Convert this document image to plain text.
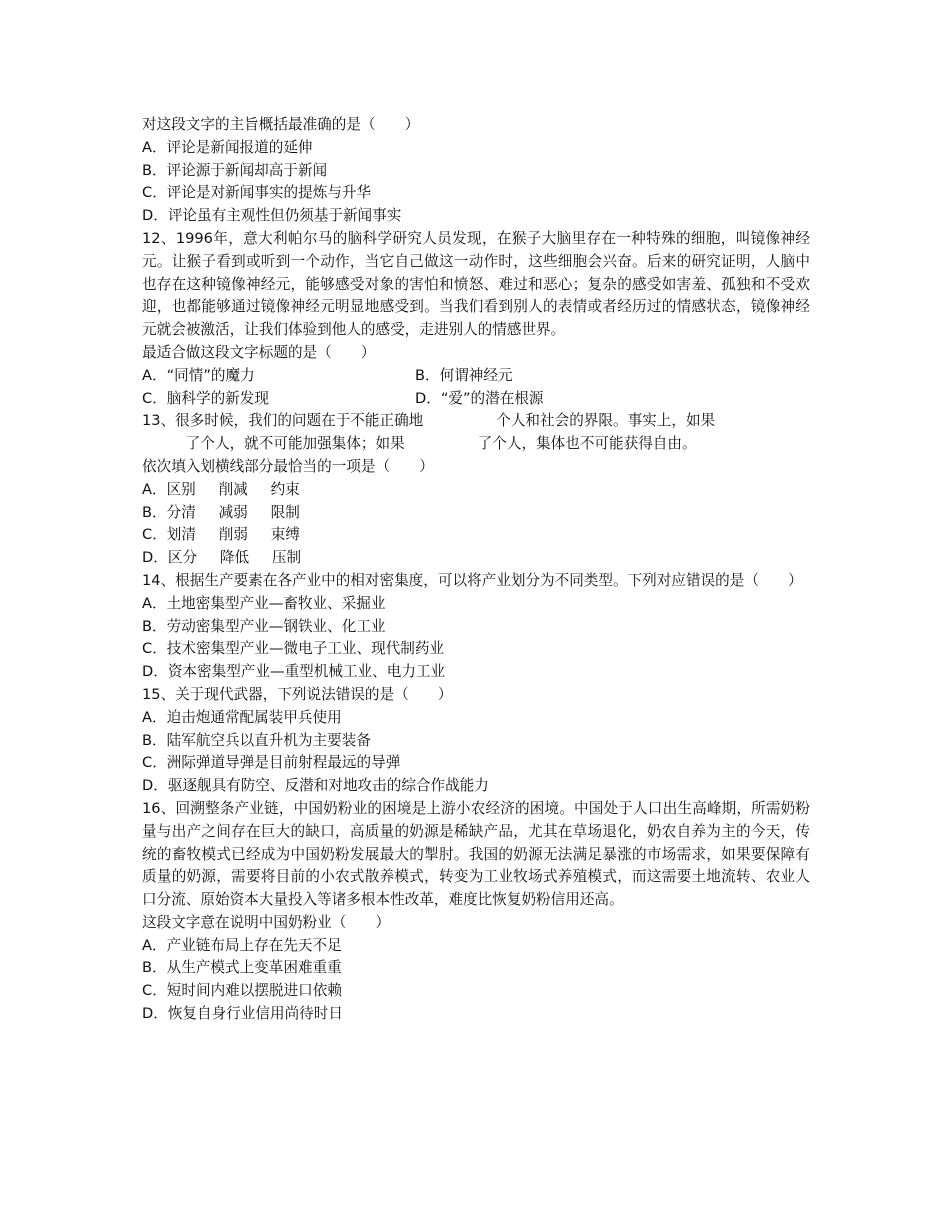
对这段文字的主旨概括最准确的是（　　）
A．评论是新闻报道的延伸
B．评论源于新闻却高于新闻
C．评论是对新闻事实的提炼与升华
D．评论虽有主观性但仍须基于新闻事实
12、1996年，意大利帕尔马的脑科学研究人员发现，在猴子大脑里存在一种特殊的细胞，叫镜像神经元。让猴子看到或听到一个动作，当它自己做这一动作时，这些细胞会兴奋。后来的研究证明，人脑中也存在这种镜像神经元，能够感受对象的害怕和愤怒、难过和恶心；复杂的感受如害羞、孤独和不受欢迎，也都能够通过镜像神经元明显地感受到。当我们看到别人的表情或者经历过的情感状态，镜像神经元就会被激活，让我们体验到他人的感受，走进别人的情感世界。
最适合做这段文字标题的是（　　）
A．“同情”的魔力	B．何谓神经元
C．脑科学的新发现	D．“爱”的潜在根源
13、很多时候，我们的问题在于不能正确地　　　　　个人和社会的界限。事实上，如果
　　　了个人，就不可能加强集体；如果　　　　　了个人，集体也不可能获得自由。
依次填入划横线部分最恰当的一项是（　　）
A．区别 削减 约束
B．分清 减弱 限制
C．划清 削弱 束缚
D．区分 降低 压制
14、根据生产要素在各产业中的相对密集度，可以将产业划分为不同类型。下列对应错误的是（　　）
A．土地密集型产业—畜牧业、采掘业
B．劳动密集型产业—钢铁业、化工业
C．技术密集型产业—微电子工业、现代制药业
D．资本密集型产业—重型机械工业、电力工业
15、关于现代武器，下列说法错误的是（　　）
A．迫击炮通常配属装甲兵使用
B．陆军航空兵以直升机为主要装备
C．洲际弹道导弹是目前射程最远的导弹
D．驱逐舰具有防空、反潜和对地攻击的综合作战能力
16、回溯整条产业链，中国奶粉业的困境是上游小农经济的困境。中国处于人口出生高峰期，所需奶粉量与出产之间存在巨大的缺口，高质量的奶源是稀缺产品，尤其在草场退化，奶农自养为主的今天，传统的畜牧模式已经成为中国奶粉发展最大的掣肘。我国的奶源无法满足暴涨的市场需求，如果要保障有质量的奶源，需要将目前的小农式散养模式，转变为工业牧场式养殖模式，而这需要土地流转、农业人口分流、原始资本大量投入等诸多根本性改革，难度比恢复奶粉信用还高。
这段文字意在说明中国奶粉业（　　）
A．产业链布局上存在先天不足
B．从生产模式上变革困难重重
C．短时间内难以摆脱进口依赖
D．恢复自身行业信用尚待时日
